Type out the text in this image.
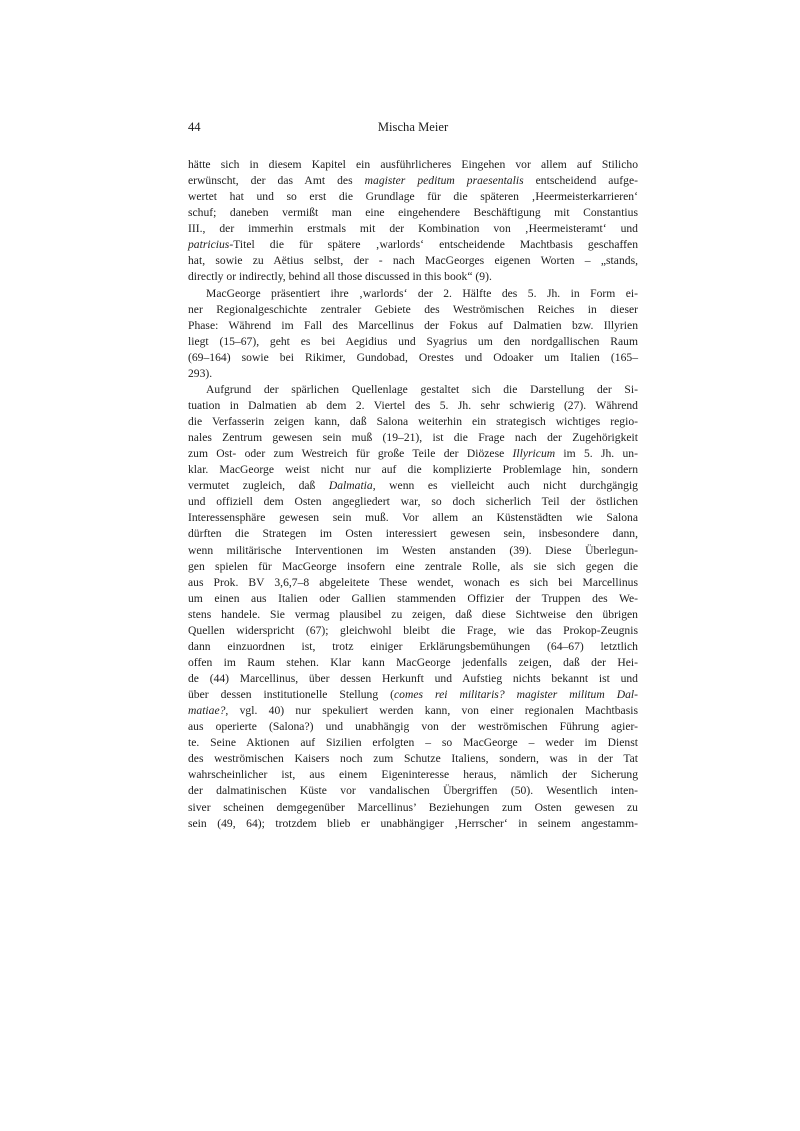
44	Mischa Meier
hätte sich in diesem Kapitel ein ausführlicheres Eingehen vor allem auf Stilicho
erwünscht, der das Amt des magister peditum praesentalis entscheidend aufge-
wertet hat und so erst die Grundlage für die späteren ‚Heermeisterkarrieren‘
schuf; daneben vermißt man eine eingehendere Beschäftigung mit Constantius
III., der immerhin erstmals mit der Kombination von ‚Heermeisteramt‘ und
patricius-Titel die für spätere ‚warlords‘ entscheidende Machtbasis geschaffen
hat, sowie zu Aëtius selbst, der - nach MacGeorges eigenen Worten – „stands,
directly or indirectly, behind all those discussed in this book“ (9).
MacGeorge präsentiert ihre ‚warlords‘ der 2. Hälfte des 5. Jh. in Form ei-
ner Regionalgeschichte zentraler Gebiete des Weströmischen Reiches in dieser
Phase: Während im Fall des Marcellinus der Fokus auf Dalmatien bzw. Illyrien
liegt (15–67), geht es bei Aegidius und Syagrius um den nordgallischen Raum
(69–164) sowie bei Rikimer, Gundobad, Orestes und Odoaker um Italien (165–
293).
Aufgrund der spärlichen Quellenlage gestaltet sich die Darstellung der Si-
tuation in Dalmatien ab dem 2. Viertel des 5. Jh. sehr schwierig (27). Während
die Verfasserin zeigen kann, daß Salona weiterhin ein strategisch wichtiges regio-
nales Zentrum gewesen sein muß (19–21), ist die Frage nach der Zugehörigkeit
zum Ost- oder zum Westreich für große Teile der Diözese Illyricum im 5. Jh. un-
klar. MacGeorge weist nicht nur auf die komplizierte Problemlage hin, sondern
vermutet zugleich, daß Dalmatia, wenn es vielleicht auch nicht durchgängig
und offiziell dem Osten angegliedert war, so doch sicherlich Teil der östlichen
Interessensphäre gewesen sein muß. Vor allem an Küstenstädten wie Salona
dürften die Strategen im Osten interessiert gewesen sein, insbesondere dann,
wenn militärische Interventionen im Westen anstanden (39). Diese Überlegun-
gen spielen für MacGeorge insofern eine zentrale Rolle, als sie sich gegen die
aus Prok. BV 3,6,7–8 abgeleitete These wendet, wonach es sich bei Marcellinus
um einen aus Italien oder Gallien stammenden Offizier der Truppen des We-
stens handele. Sie vermag plausibel zu zeigen, daß diese Sichtweise den übrigen
Quellen widerspricht (67); gleichwohl bleibt die Frage, wie das Prokop-Zeugnis
dann einzuordnen ist, trotz einiger Erklärungsbemühungen (64–67) letztlich
offen im Raum stehen. Klar kann MacGeorge jedenfalls zeigen, daß der Hei-
de (44) Marcellinus, über dessen Herkunft und Aufstieg nichts bekannt ist und
über dessen institutionelle Stellung (comes rei militaris? magister militum Dal-
matiae?, vgl. 40) nur spekuliert werden kann, von einer regionalen Machtbasis
aus operierte (Salona?) und unabhängig von der weströmischen Führung agier-
te. Seine Aktionen auf Sizilien erfolgten – so MacGeorge – weder im Dienst
des weströmischen Kaisers noch zum Schutze Italiens, sondern, was in der Tat
wahrscheinlicher ist, aus einem Eigeninteresse heraus, nämlich der Sicherung
der dalmatinischen Küste vor vandalischen Übergriffen (50). Wesentlich inten-
siver scheinen demgegenüber Marcellinus’ Beziehungen zum Osten gewesen zu
sein (49, 64); trotzdem blieb er unabhängiger ‚Herrscher‘ in seinem angestamm-
